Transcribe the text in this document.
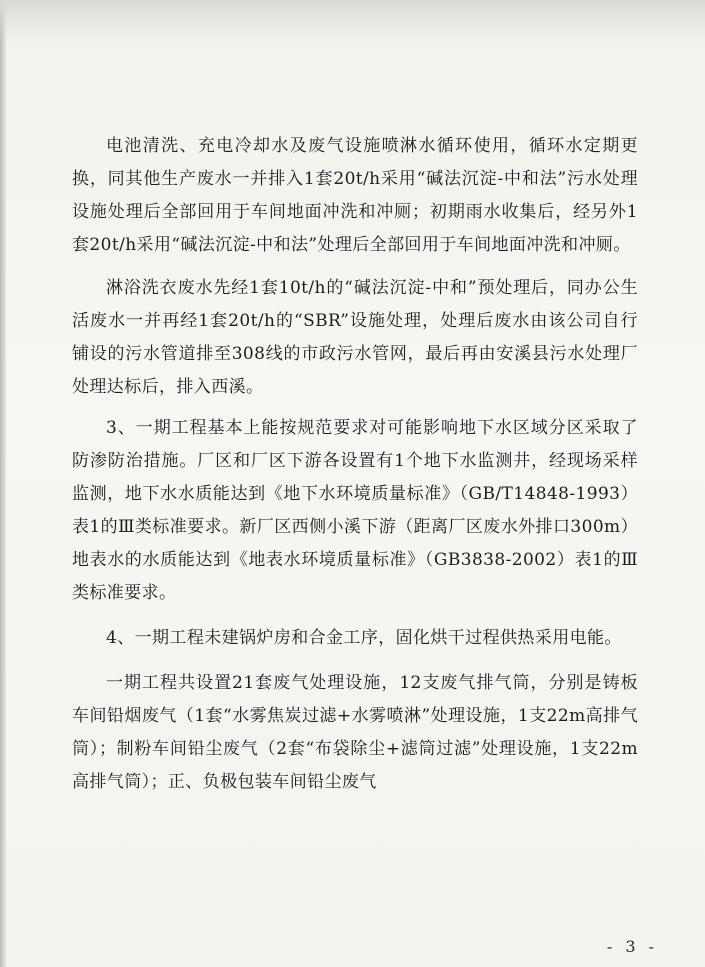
电池清洗、充电冷却水及废气设施喷淋水循环使用，循环水定期更换，同其他生产废水一并排入1套20t/h采用“碱法沉淀-中和法”污水处理设施处理后全部回用于车间地面冲洗和冲厕；初期雨水收集后，经另外1套20t/h采用“碱法沉淀-中和法”处理后全部回用于车间地面冲洗和冲厕。

淋浴洗衣废水先经1套10t/h的“碱法沉淀-中和”预处理后，同办公生活废水一并再经1套20t/h的“SBR”设施处理，处理后废水由该公司自行铺设的污水管道排至308线的市政污水管网，最后再由安溪县污水处理厂处理达标后，排入西溪。

3、一期工程基本上能按规范要求对可能影响地下水区域分区采取了防渗防治措施。厂区和厂区下游各设置有1个地下水监测井，经现场采样监测，地下水水质能达到《地下水环境质量标准》（GB/T14848-1993）表1的Ⅲ类标准要求。新厂区西侧小溪下游（距离厂区废水外排口300m）地表水的水质能达到《地表水环境质量标准》（GB3838-2002）表1的Ⅲ类标准要求。

4、一期工程未建锅炉房和合金工序，固化烘干过程供热采用电能。

一期工程共设置21套废气处理设施，12支废气排气筒，分别是铸板车间铅烟废气（1套“水雾焦炭过滤+水雾喷淋”处理设施，1支22m高排气筒）；制粉车间铅尘废气（2套“布袋除尘+滤筒过滤”处理设施，1支22m高排气筒）；正、负极包装车间铅尘废气

- 3 -
